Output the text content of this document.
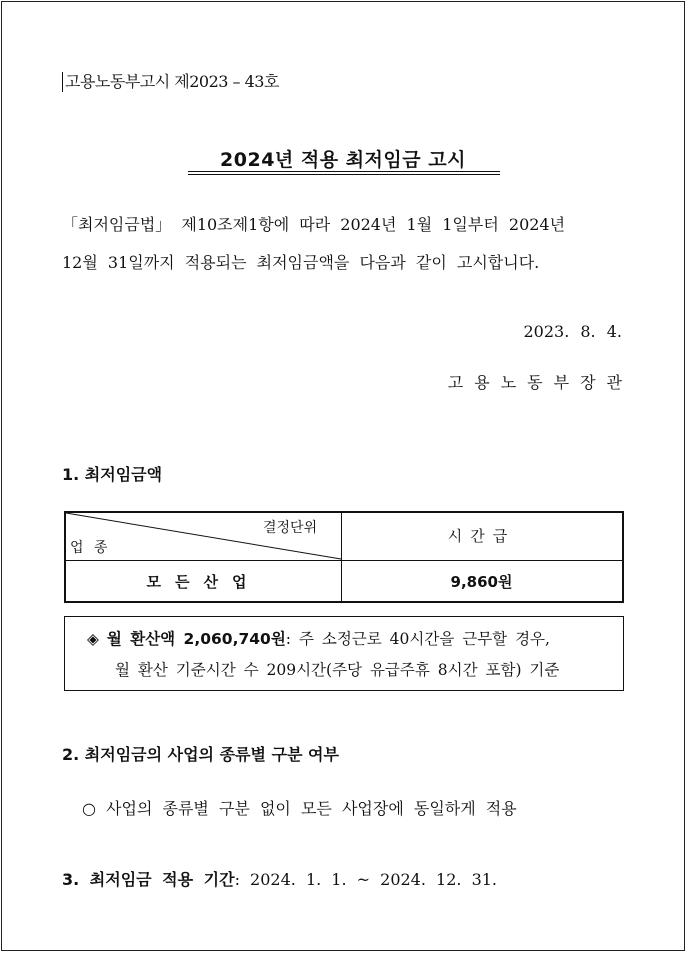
고용노동부고시 제2023 – 43호
2024년 적용 최저임금 고시
「최저임금법」 제10조제1항에 따라 2024년 1월 1일부터 2024년
12월 31일까지 적용되는 최저임금액을 다음과 같이 고시합니다.
2023. 8. 4.
고용노동부장관
1. 최저임금액
결정단위
업 종
시간급
모든산업	9,860원
◈ 월 환산액 2,060,740원: 주 소정근로 40시간을 근무할 경우,
월 환산 기준시간 수 209시간(주당 유급주휴 8시간 포함) 기준
2. 최저임금의 사업의 종류별 구분 여부
○ 사업의 종류별 구분 없이 모든 사업장에 동일하게 적용
3. 최저임금 적용 기간: 2024. 1. 1. ~ 2024. 12. 31.
